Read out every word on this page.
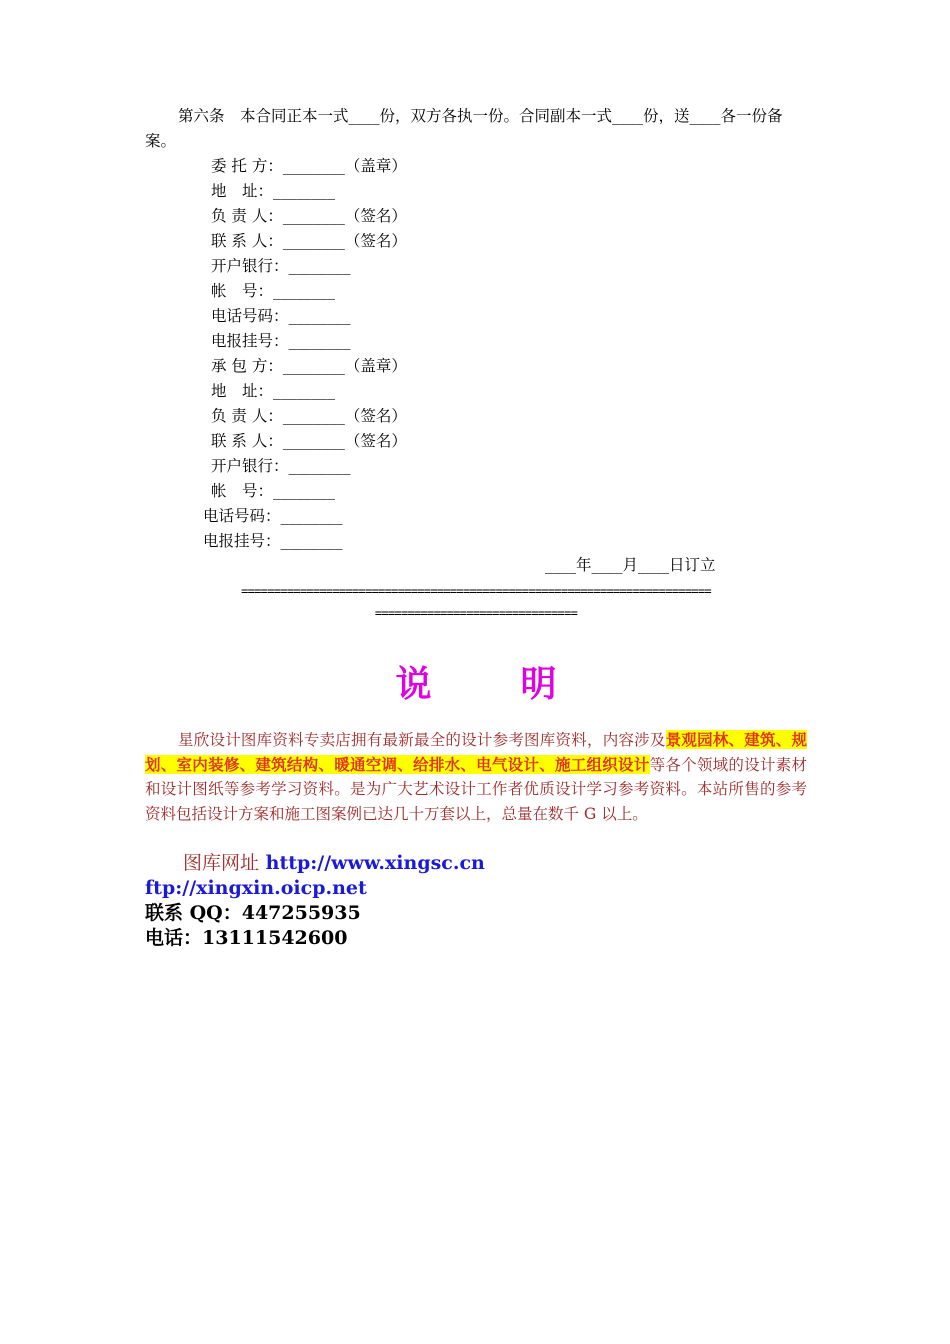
第六条　本合同正本一式____份，双方各执一份。合同副本一式____份，送____各一份备案。
委 托 方：________（盖章）
地　址：________
负 责 人：________（签名）
联 系 人：________（签名）
开户银行：________
帐　号：________
电话号码：________
电报挂号：________
承 包 方：________（盖章）
地　址：________
负 责 人：________（签名）
联 系 人：________（签名）
开户银行：________
帐　号：________
电话号码：________
电报挂号：________
____年____月____日订立
========================================================================
===============================
说 明
星欣设计图库资料专卖店拥有最新最全的设计参考图库资料，内容涉及景观园林、建筑、规划、室内装修、建筑结构、暖通空调、给排水、电气设计、施工组织设计等各个领域的设计素材和设计图纸等参考学习资料。是为广大艺术设计工作者优质设计学习参考资料。本站所售的参考资料包括设计方案和施工图案例已达几十万套以上，总量在数千 G 以上。
图库网址 http://www.xingsc.cn
ftp://xingxin.oicp.net
联系 QQ：447255935
电话：13111542600
